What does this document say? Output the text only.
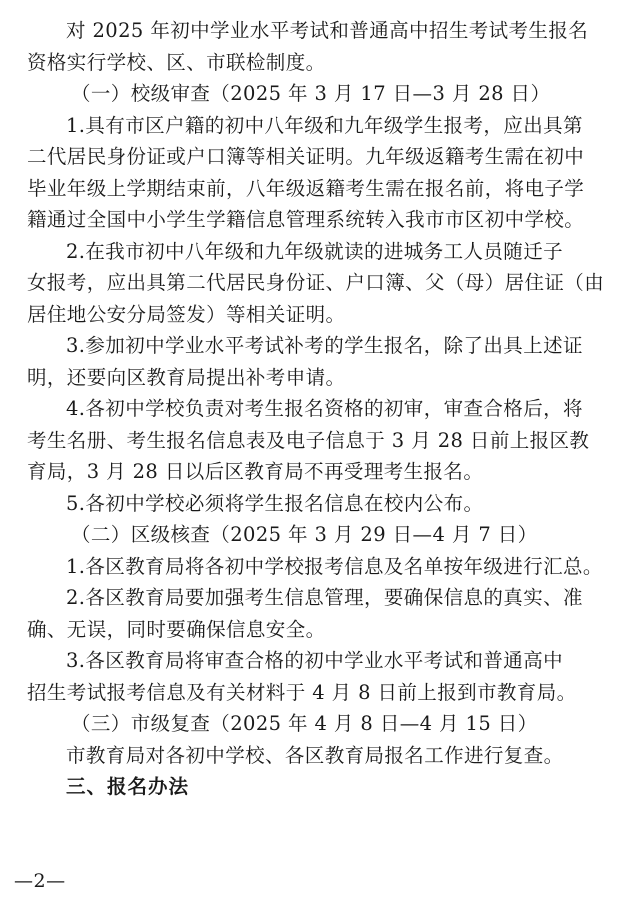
对 2025 年初中学业水平考试和普通高中招生考试考生报名
资格实行学校、区、市联检制度。
（一）校级审查（2025 年 3 月 17 日—3 月 28 日）
1.具有市区户籍的初中八年级和九年级学生报考，应出具第
二代居民身份证或户口簿等相关证明。九年级返籍考生需在初中
毕业年级上学期结束前，八年级返籍考生需在报名前，将电子学
籍通过全国中小学生学籍信息管理系统转入我市市区初中学校。
2.在我市初中八年级和九年级就读的进城务工人员随迁子
女报考，应出具第二代居民身份证、户口簿、父（母）居住证（由
居住地公安分局签发）等相关证明。
3.参加初中学业水平考试补考的学生报名，除了出具上述证
明，还要向区教育局提出补考申请。
4.各初中学校负责对考生报名资格的初审，审查合格后，将
考生名册、考生报名信息表及电子信息于 3 月 28 日前上报区教
育局，3 月 28 日以后区教育局不再受理考生报名。
5.各初中学校必须将学生报名信息在校内公布。
（二）区级核查（2025 年 3 月 29 日—4 月 7 日）
1.各区教育局将各初中学校报考信息及名单按年级进行汇总。
2.各区教育局要加强考生信息管理，要确保信息的真实、准
确、无误，同时要确保信息安全。
3.各区教育局将审查合格的初中学业水平考试和普通高中
招生考试报考信息及有关材料于 4 月 8 日前上报到市教育局。
（三）市级复查（2025 年 4 月 8 日—4 月 15 日）
市教育局对各初中学校、各区教育局报名工作进行复查。
三、报名办法
—2—
